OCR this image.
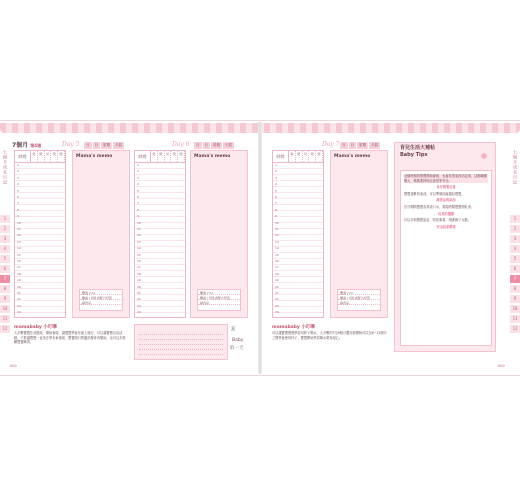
七個月成長日記
1
2
3
4
5
6
7
8
9
10
11
12
7個月 第4週	Day 5	月	日	星期	天氣
時間	喝	餵	尿	便	睡
1
2
3
4
5
6
7
8
9
10
11
12
13
14
15
16
17
18
19
20
21
22
23
24
Mama's memo
體溫 (°C)
體重 / 母乳或配方奶量
副食品
Day 6	月	日	星期	天氣
時間	喝	餵	尿	便	睡
1
2
3
4
5
6
7
8
9
10
11
12
13
14
15
16
17
18
19
20
21
22
23
24
Mama's memo
體溫 (°C)
體重 / 母乳或配方奶量
副食品
mamababy 小叮嚀
大多數寶寶在此階段，開始會爬、讓寶寶學會在地上爬行，可以讓寶寶自由活動，不要讓寶寶一直坐在學步車裡面，寶寶爬行對腦部發育有幫助，也可以多鼓勵寶寶練習。
🐰
Baby
的一天
000
Day 7 月	日	星期	天氣
時間	喝	餵	尿	便	睡
1
2
3
4
5
6
7
8
9
10
11
12
13
14
15
16
17
18
19
20
21
22
23
24
Mama's memo
體溫 (°C)
體重 / 母乳或配方奶量
副食品
育兒生活大補帖
Baby Tips

這個時期的寶寶開始會爬、也會扶著東西站起來，活動範圍變大，媽媽要特別注意居家安全。

長牙期要注意

寶寶喜歡咬東西，可以準備固齒器給寶寶。

副食品的添加

長牙期間寶寶容易流口水，要隨時幫寶寶擦乾淨。

玩具的選擇

可以多和寶寶說話、唸故事書，增進親子互動。

安全居家環境

mamababy 小叮嚀
可以讓寶寶慢慢學習用杯子喝水，大多數的7至9個月嬰兒都開始可以在6~12個月之間學會使用杯子，寶寶開始學習喝水要有耐心。
000
七個月成長日記
1
2
3
4
5
6
7
8
9
10
11
12
